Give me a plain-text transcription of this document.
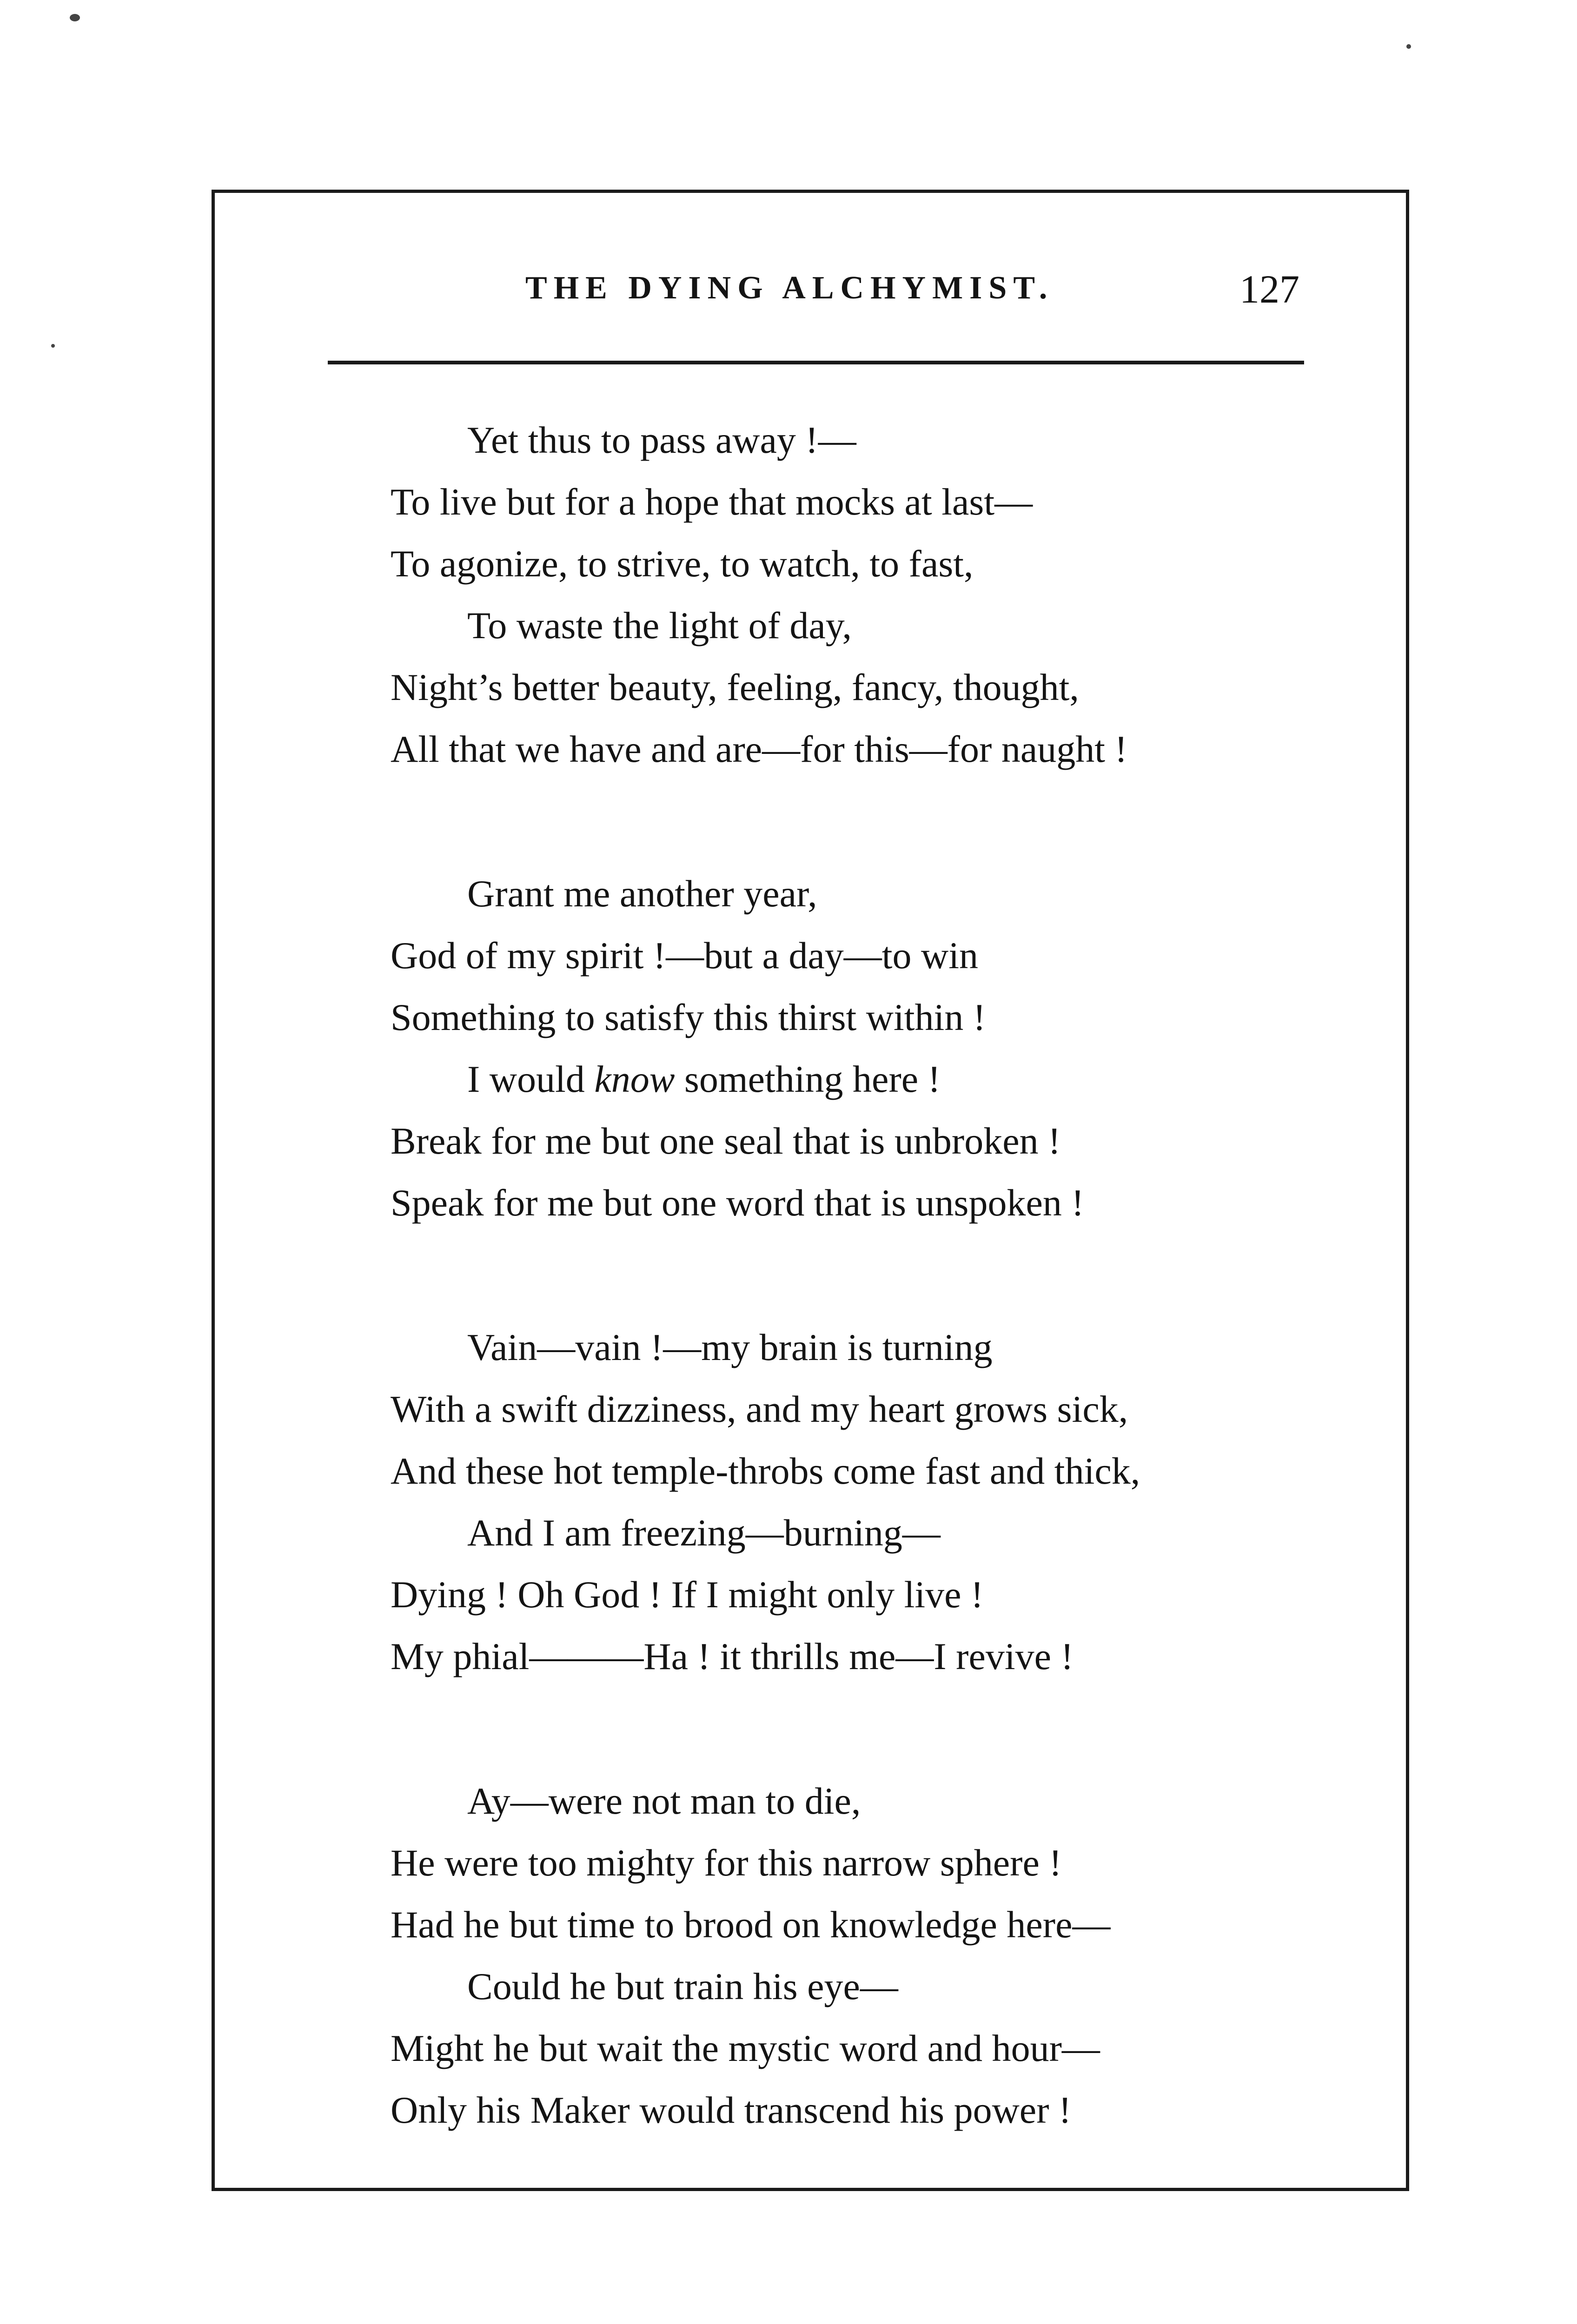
THE DYING ALCHYMIST.	127
Yet thus to pass away !—
To live but for a hope that mocks at last—
To agonize, to strive, to watch, to fast,
To waste the light of day,
Night’s better beauty, feeling, fancy, thought,
All that we have and are—for this—for naught !
Grant me another year,
God of my spirit !—but a day—to win
Something to satisfy this thirst within !
I would know something here !
Break for me but one seal that is unbroken !
Speak for me but one word that is unspoken !
Vain—vain !—my brain is turning
With a swift dizziness, and my heart grows sick,
And these hot temple-throbs come fast and thick,
And I am freezing—burning—
Dying ! Oh God ! If I might only live !
My phial———Ha ! it thrills me—I revive !
Ay—were not man to die,
He were too mighty for this narrow sphere !
Had he but time to brood on knowledge here—
Could he but train his eye—
Might he but wait the mystic word and hour—
Only his Maker would transcend his power !
